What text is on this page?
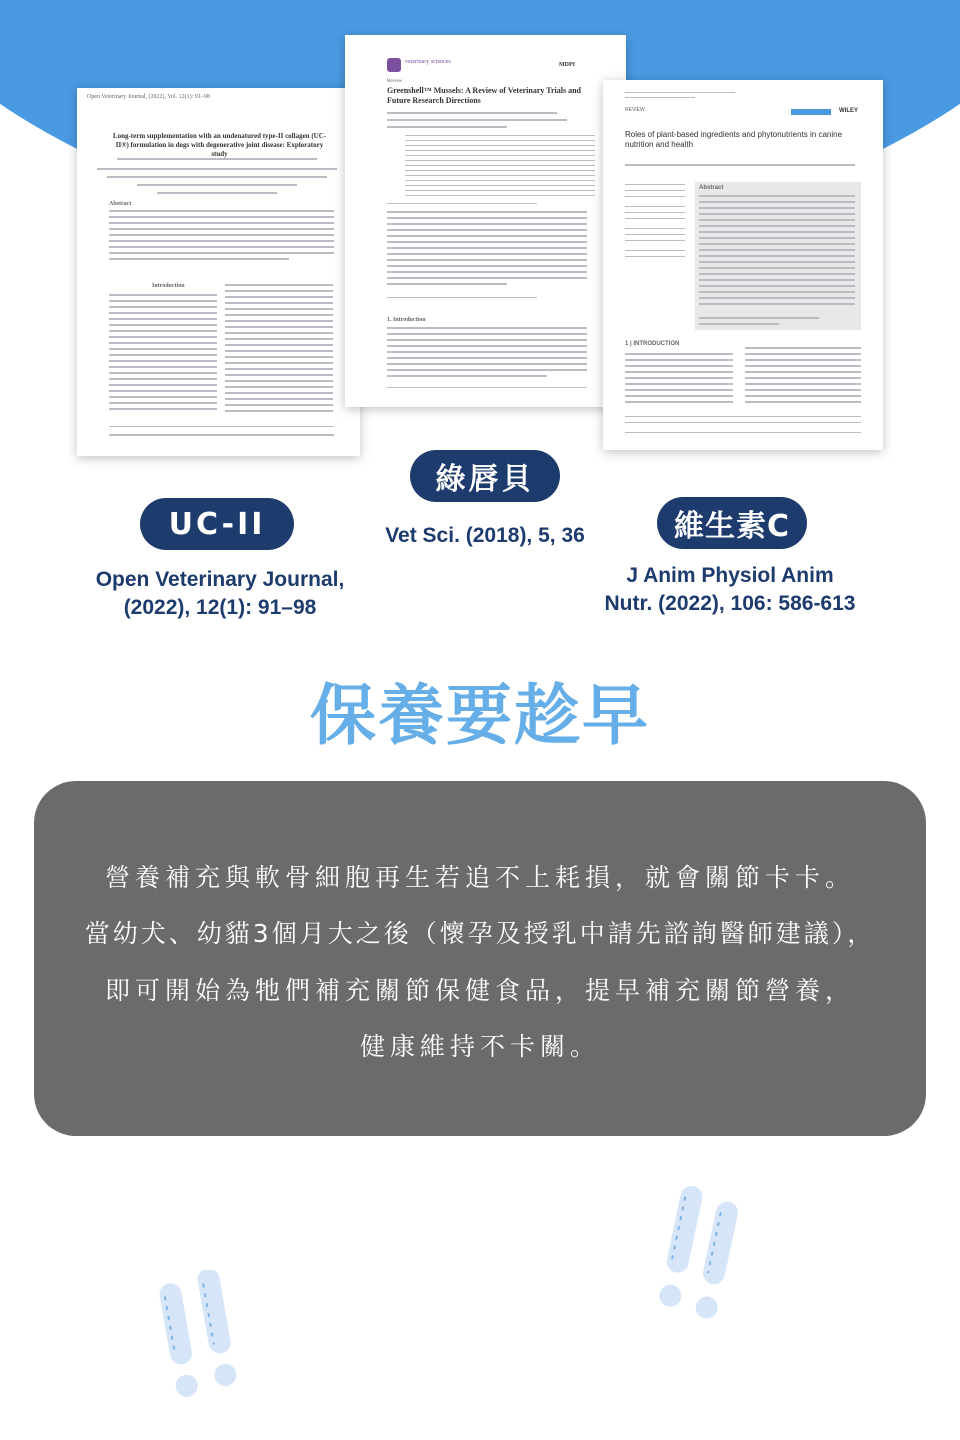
Open Veterinary Journal, (2022), Vol. 12(1): 91–98
Long-term supplementation with an undenatured type-II collagen (UC-II®) formulation in dogs with degenerative joint disease: Exploratory study
Abstract
Introduction
veterinary sciences	MDPI
Review
Greenshell™ Mussels: A Review of Veterinary Trials and Future Research Directions
1. Introduction
REVIEW	WILEY
Roles of plant-based ingredients and phytonutrients in canine nutrition and health
Abstract
1 | INTRODUCTION
UC-II
Open Veterinary Journal,
(2022), 12(1): 91–98
綠唇貝
Vet Sci. (2018), 5, 36	維生素C
J Anim Physiol Anim
Nutr. (2022), 106: 586-613
保養要趁早
營養補充與軟骨細胞再生若追不上耗損，就會關節卡卡。
當幼犬、幼貓3個月大之後（懷孕及授乳中請先諮詢醫師建議），
即可開始為牠們補充關節保健食品，提早補充關節營養，
健康維持不卡關。
